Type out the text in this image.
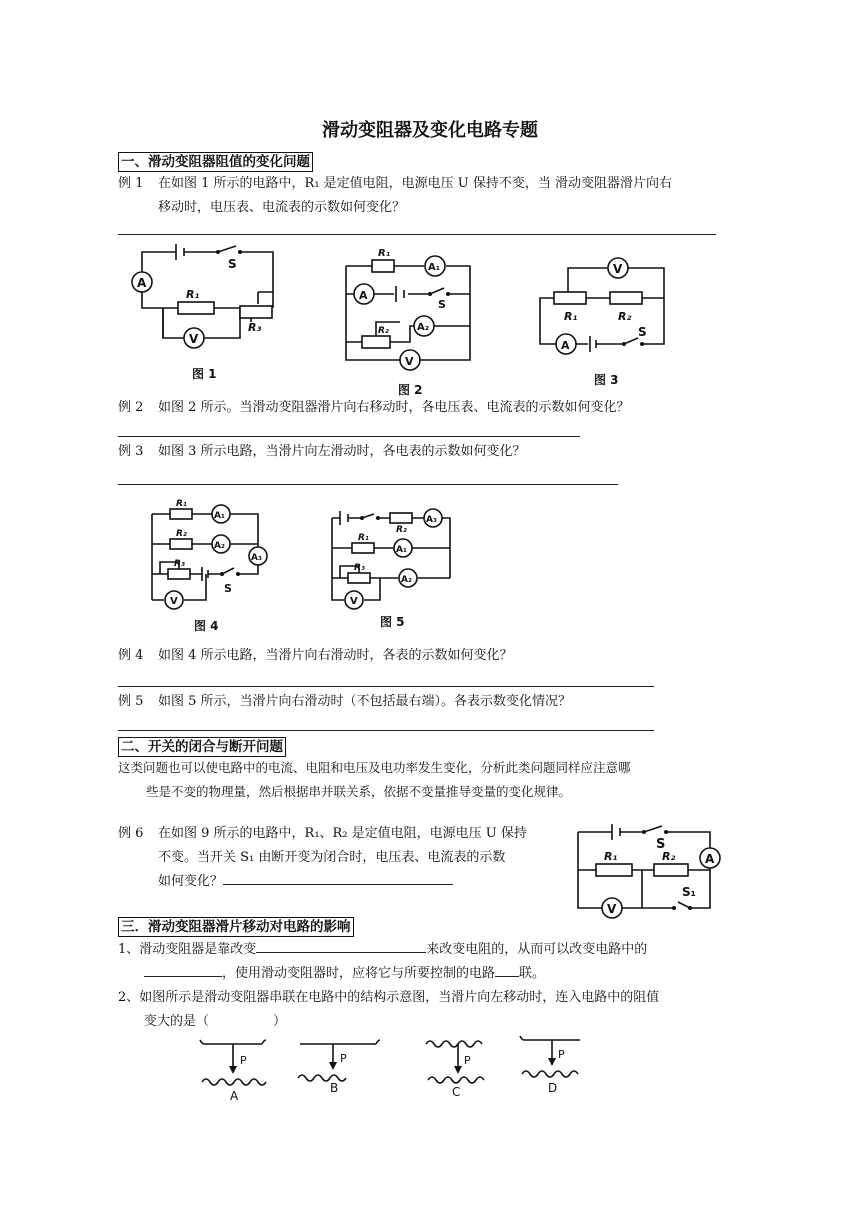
滑动变阻器及变化电路专题
一、滑动变阻器阻值的变化问题
例 1 在如图 1 所示的电路中，R₁ 是定值电阻，电源电压 U 保持不变，当 滑动变阻器滑片向右
移动时，电压表、电流表的示数如何变化？
A
R₁
R₃
V
S
图 1
R₁
A₁
A
S
R₂	A₂
V
图 2
R₁	R₂
V
A
S
图 3
例 2 如图 2 所示。当滑动变阻器滑片向右移动时，各电压表、电流表的示数如何变化？
例 3 如图 3 所示电路，当滑片向左滑动时，各电表的示数如何变化？
R₁
A₁
R₂
A₂
A₃
R₃
S
V
图 4
R₂
A₃
R₁
A₁
R₃
A₂
V
图 5
例 4 如图 4 所示电路，当滑片向右滑动时，各表的示数如何变化？
例 5 如图 5 所示，当滑片向右滑动时（不包括最右端）。各表示数变化情况？
二、开关的闭合与断开问题
这类问题也可以使电路中的电流、电阻和电压及电功率发生变化，分析此类问题同样应注意哪
些是不变的物理量，然后根据串并联关系，依据不变量推导变量的变化规律。
例 6 在如图 9 所示的电路中，R₁、R₂ 是定值电阻，电源电压 U 保持
不变。当开关 S₁ 由断开变为闭合时，电压表、电流表的示数
如何变化？
S
A
R₁	R₂
S₁
V
三．滑动变阻器滑片移动对电路的影响
1、滑动变阻器是靠改变	来改变电阻的，从而可以改变电路中的
，使用滑动变阻器时，应将它与所要控制的电路 联。
2、如图所示是滑动变阻器串联在电路中的结构示意图，当滑片向左移动时，连入电路中的阻值
变大的是（	）
P
A
P
B
P
C
P
D
